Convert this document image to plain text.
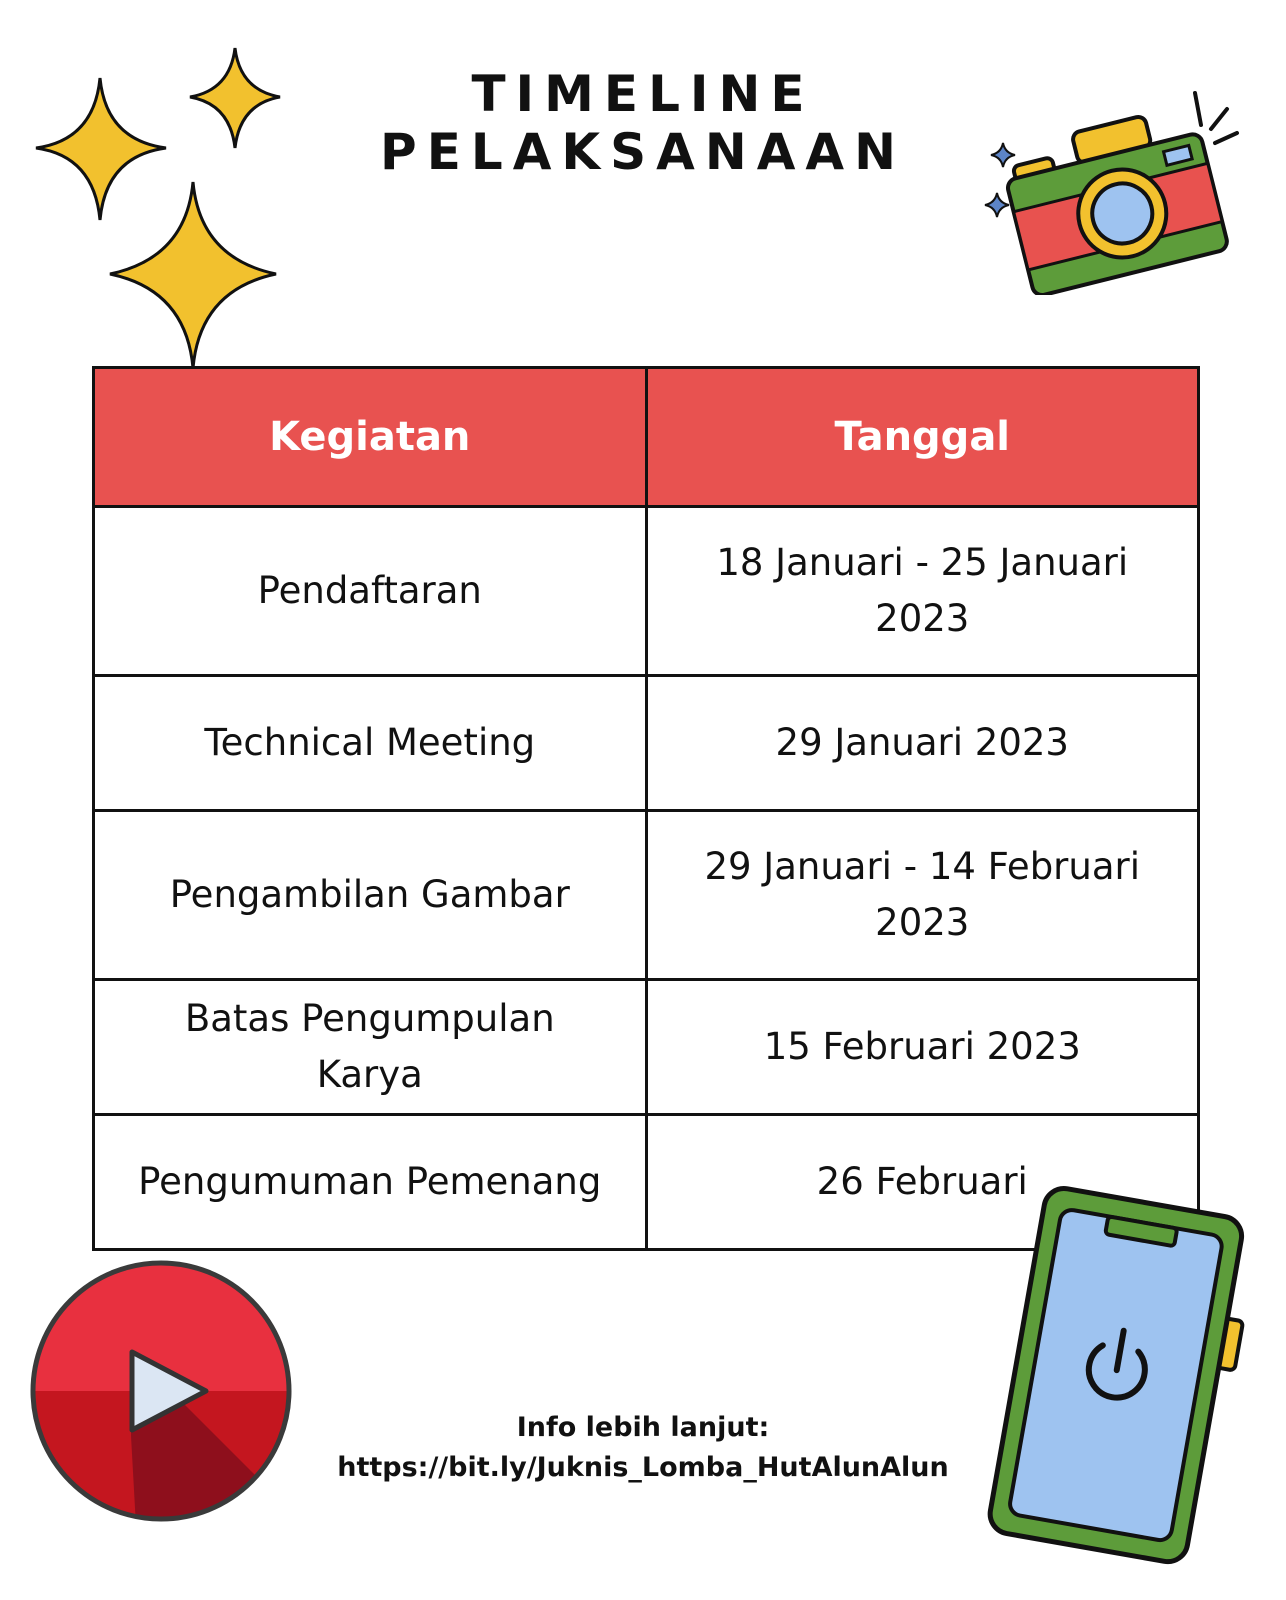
TIMELINE
PELAKSANAAN
Kegiatan	Tanggal
Pendaftaran	18 Januari - 25 Januari 2023
Technical Meeting	29 Januari 2023
Pengambilan Gambar	29 Januari - 14 Februari 2023
Batas Pengumpulan Karya	15 Februari 2023
Pengumuman Pemenang	26 Februari
Info lebih lanjut:
https://bit.ly/Juknis_Lomba_HutAlunAlun
